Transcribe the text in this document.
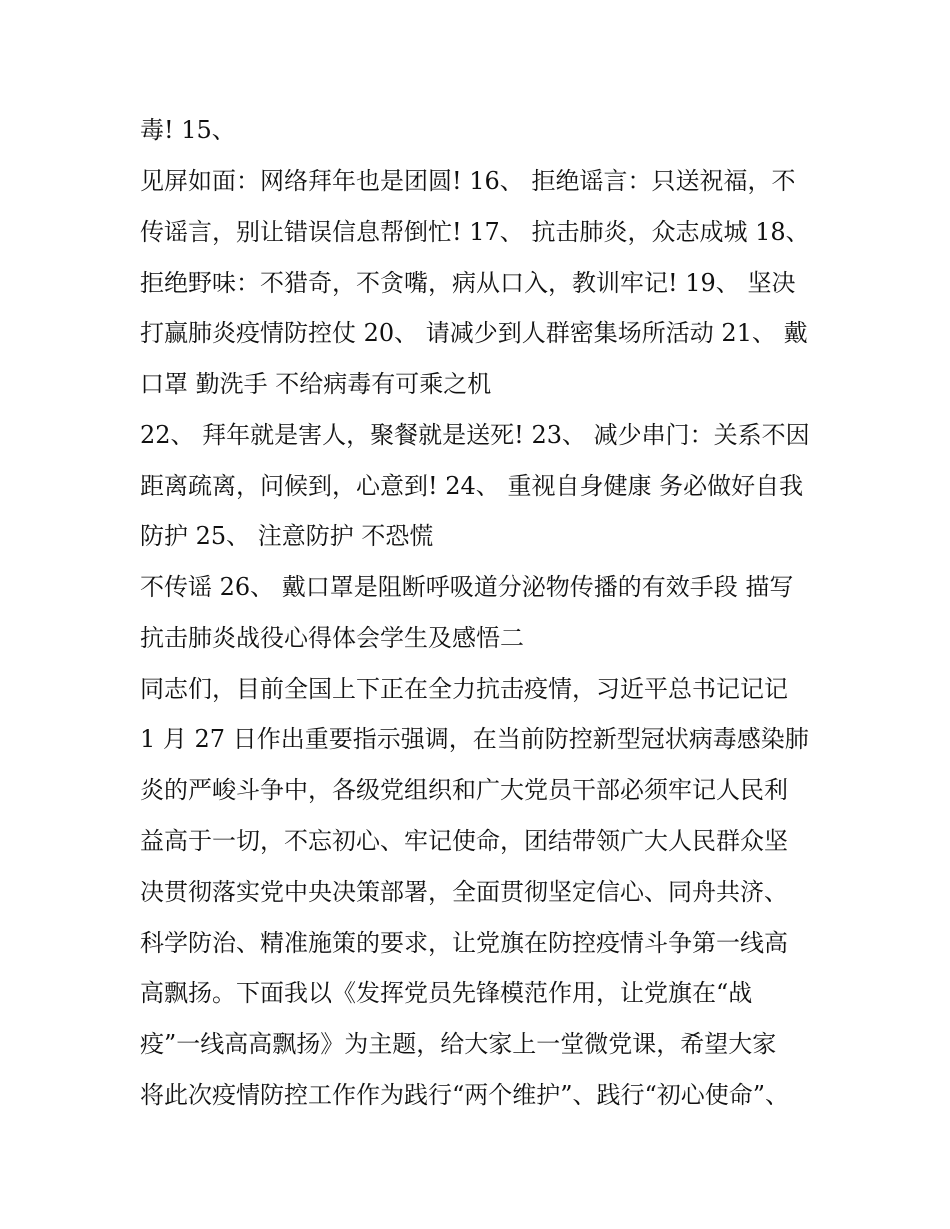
毒! 15、
见屏如面：网络拜年也是团圆! 16、 拒绝谣言：只送祝福，不
传谣言，别让错误信息帮倒忙! 17、 抗击肺炎，众志成城 18、
拒绝野味：不猎奇，不贪嘴，病从口入，教训牢记! 19、 坚决
打赢肺炎疫情防控仗 20、 请减少到人群密集场所活动 21、 戴
口罩 勤洗手 不给病毒有可乘之机
22、 拜年就是害人，聚餐就是送死! 23、 减少串门：关系不因
距离疏离，问候到，心意到! 24、 重视自身健康 务必做好自我
防护 25、 注意防护 不恐慌
不传谣 26、 戴口罩是阻断呼吸道分泌物传播的有效手段 描写
抗击肺炎战役心得体会学生及感悟二
同志们，目前全国上下正在全力抗击疫情，习近平总书记记记
1 月 27 日作出重要指示强调，在当前防控新型冠状病毒感染肺
炎的严峻斗争中，各级党组织和广大党员干部必须牢记人民利
益高于一切，不忘初心、牢记使命，团结带领广大人民群众坚
决贯彻落实党中央决策部署，全面贯彻坚定信心、同舟共济、
科学防治、精准施策的要求，让党旗在防控疫情斗争第一线高
高飘扬。下面我以《发挥党员先锋模范作用，让党旗在“战
疫”一线高高飘扬》为主题，给大家上一堂微党课，希望大家
将此次疫情防控工作作为践行“两个维护”、践行“初心使命”、
